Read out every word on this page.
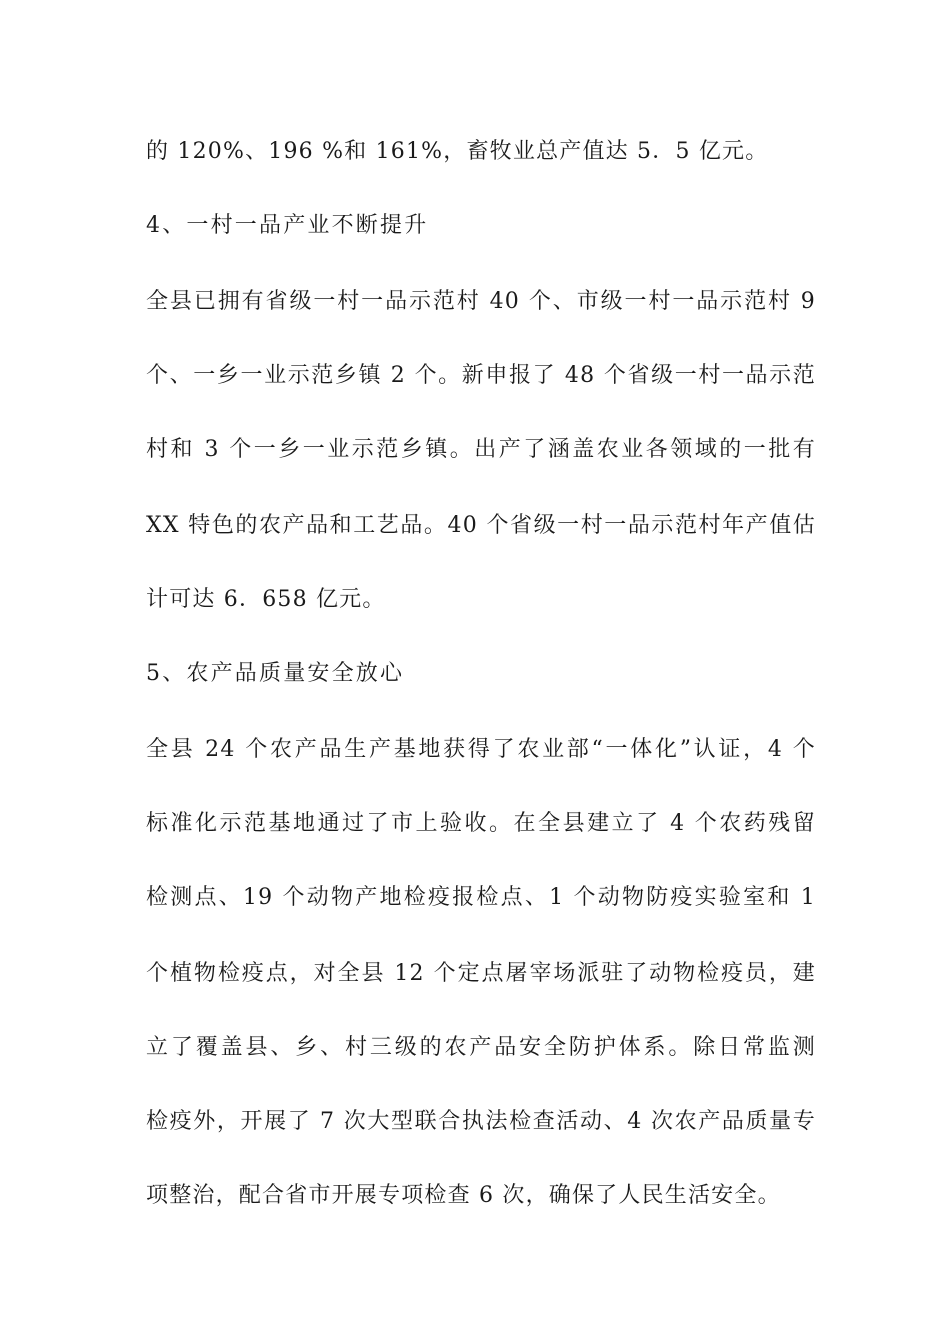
的 120%、196 %和 161%，畜牧业总产值达 5．5 亿元。
4、一村一品产业不断提升
全县已拥有省级一村一品示范村 40 个、市级一村一品示范村 9
个、一乡一业示范乡镇 2 个。新申报了 48 个省级一村一品示范
村和 3 个一乡一业示范乡镇。出产了涵盖农业各领域的一批有
XX 特色的农产品和工艺品。40 个省级一村一品示范村年产值估
计可达 6．658 亿元。
5、农产品质量安全放心
全县 24 个农产品生产基地获得了农业部“一体化”认证，4 个
标准化示范基地通过了市上验收。在全县建立了 4 个农药残留
检测点、19 个动物产地检疫报检点、1 个动物防疫实验室和 1
个植物检疫点，对全县 12 个定点屠宰场派驻了动物检疫员，建
立了覆盖县、乡、村三级的农产品安全防护体系。除日常监测
检疫外，开展了 7 次大型联合执法检查活动、4 次农产品质量专
项整治，配合省市开展专项检查 6 次，确保了人民生活安全。
